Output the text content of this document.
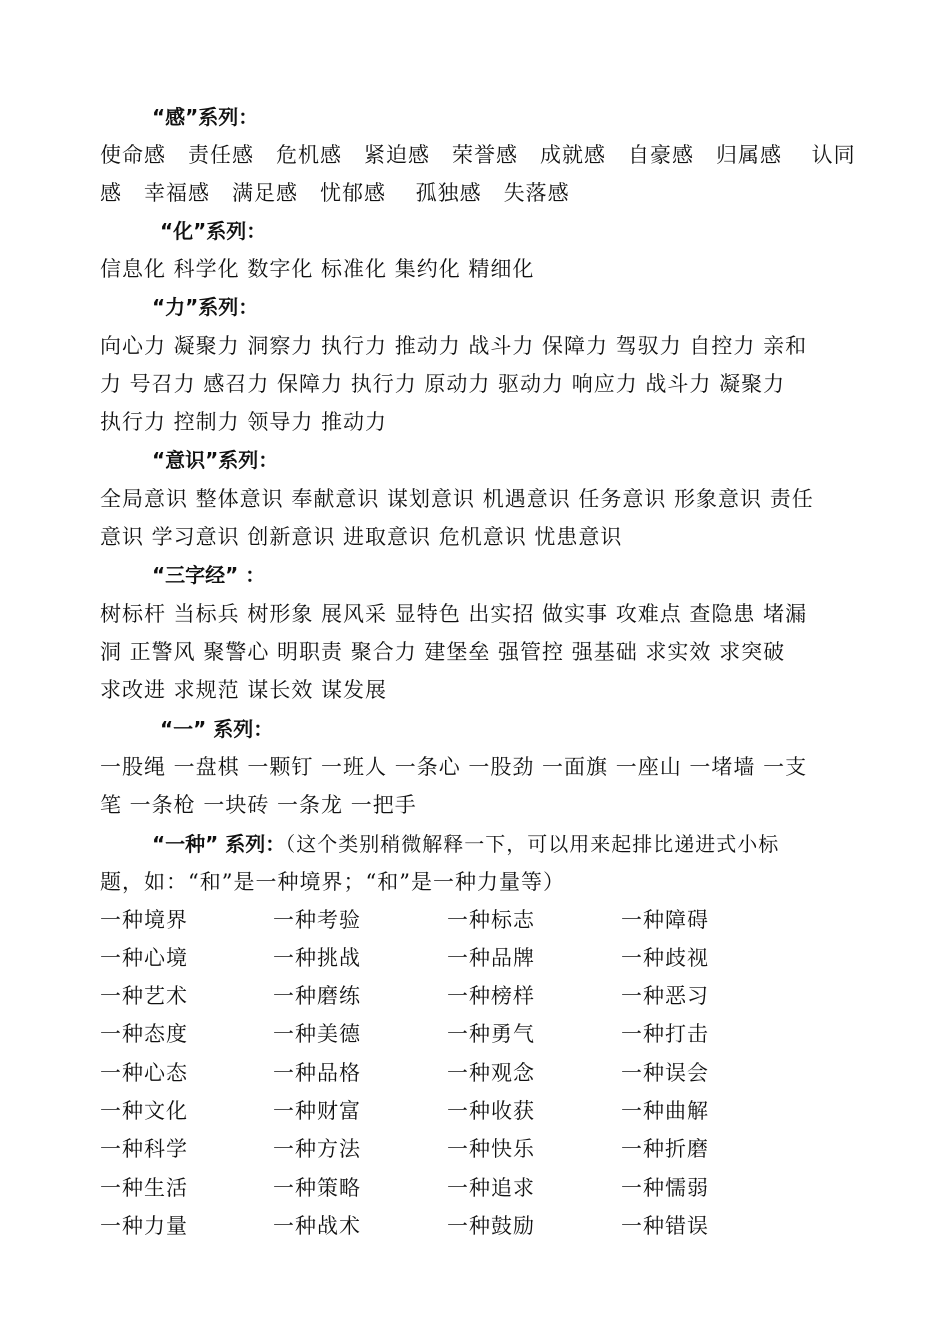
“感”系列：
使命感　责任感　危机感　紧迫感　荣誉感　成就感　自豪感　归属感　 认同
感　幸福感　满足感　忧郁感　 孤独感　失落感
“化”系列：
信息化 科学化 数字化 标准化 集约化 精细化
“力”系列：
向心力 凝聚力 洞察力 执行力 推动力 战斗力 保障力 驾驭力 自控力 亲和
力 号召力 感召力 保障力 执行力 原动力 驱动力 响应力 战斗力 凝聚力
执行力 控制力 领导力 推动力
“意识”系列：
全局意识 整体意识 奉献意识 谋划意识 机遇意识 任务意识 形象意识 责任
意识 学习意识 创新意识 进取意识 危机意识 忧患意识
“三字经” ：
树标杆 当标兵 树形象 展风采 显特色 出实招 做实事 攻难点 查隐患 堵漏
洞 正警风 聚警心 明职责 聚合力 建堡垒 强管控 强基础 求实效 求突破
求改进 求规范 谋长效 谋发展
“一” 系列：
一股绳 一盘棋 一颗钉 一班人 一条心 一股劲 一面旗 一座山 一堵墙 一支
笔 一条枪 一块砖 一条龙 一把手
“一种” 系列：（这个类别稍微解释一下，可以用来起排比递进式小标
题，如：“和”是一种境界；“和”是一种力量等）
一种境界	一种考验	一种标志	一种障碍
一种心境	一种挑战	一种品牌	一种歧视
一种艺术	一种磨练	一种榜样	一种恶习
一种态度	一种美德	一种勇气	一种打击
一种心态	一种品格	一种观念	一种误会
一种文化	一种财富	一种收获	一种曲解
一种科学	一种方法	一种快乐	一种折磨
一种生活	一种策略	一种追求	一种懦弱
一种力量	一种战术	一种鼓励	一种错误
